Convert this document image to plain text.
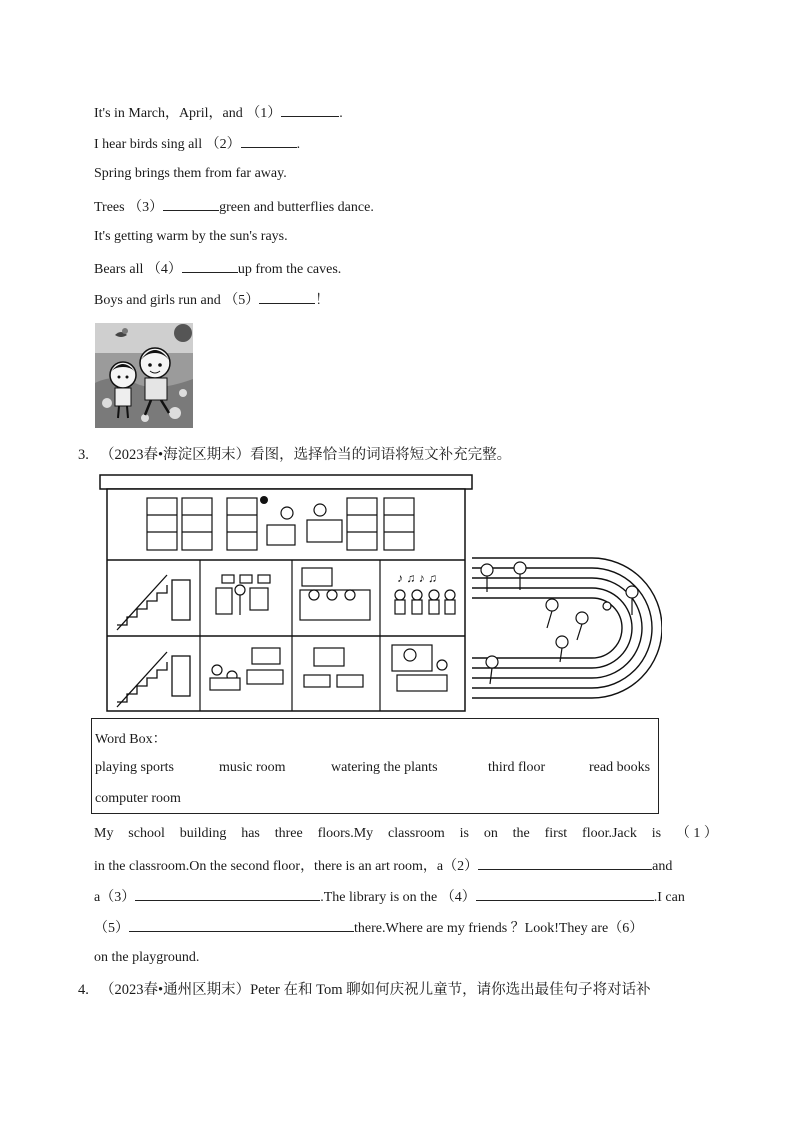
It's in March，April，and （1）	.
I hear birds sing all （2）	.
Spring brings them from far away.
Trees （3）	green and butterflies dance.
It's getting warm by the sun's rays.
Bears all （4）	up from the caves.
Boys and girls run and （5）	！
3. （2023春•海淀区期末）看图，选择恰当的词语将短文补充完整。
♪ ♫ ♪ ♫
Word Box：
playing sports	music room	watering the plants	third floor	read books
computer room
My school building has three floors.My classroom is on the first floor.Jack is （ 1 ）
in the classroom.On the second floor，there is an art room，a（2）	and
a（3）	.The library is on the （4）	.I can
（5）	there.Where are my friends ？Look!They are（6）
on the playground.
4. （2023春•通州区期末）Peter 在和 Tom 聊如何庆祝儿童节，请你选出最佳句子将对话补
